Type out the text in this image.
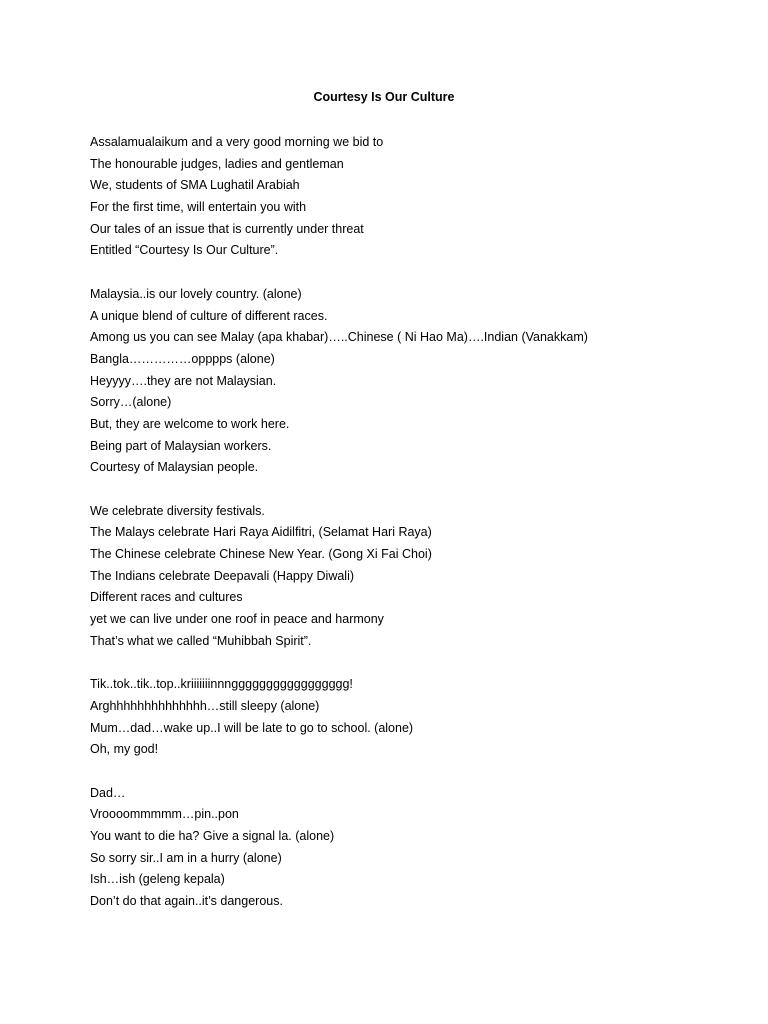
Courtesy Is Our Culture
Assalamualaikum and a very good morning we bid to
The honourable judges, ladies and gentleman
We, students of SMA Lughatil Arabiah
For the first time, will entertain you with
Our tales of an issue that is currently under threat
Entitled “Courtesy Is Our Culture”.
Malaysia..is our lovely country. (alone)
A unique blend of culture of different races.
Among us you can see Malay (apa khabar)…..Chinese ( Ni Hao Ma)….Indian (Vanakkam)
Bangla……………opppps (alone)
Heyyyy….they are not Malaysian.
Sorry…(alone)
But, they are welcome to work here.
Being part of Malaysian workers.
Courtesy of Malaysian people.
We celebrate diversity festivals.
The Malays celebrate Hari Raya Aidilfitri, (Selamat Hari Raya)
The Chinese celebrate Chinese New Year. (Gong Xi Fai Choi)
The Indians celebrate Deepavali (Happy Diwali)
Different races and cultures
yet we can live under one roof in peace and harmony
That’s what we called “Muhibbah Spirit”.
Tik..tok..tik..top..kriiiiiiinnnggggggggggggggggg!
Arghhhhhhhhhhhhhh…still sleepy (alone)
Mum…dad…wake up..I will be late to go to school. (alone)
Oh, my god!
Dad…
Vroooommmmm…pin..pon
You want to die ha? Give a signal la. (alone)
So sorry sir..I am in a hurry (alone)
Ish…ish (geleng kepala)
Don’t do that again..it’s dangerous.
